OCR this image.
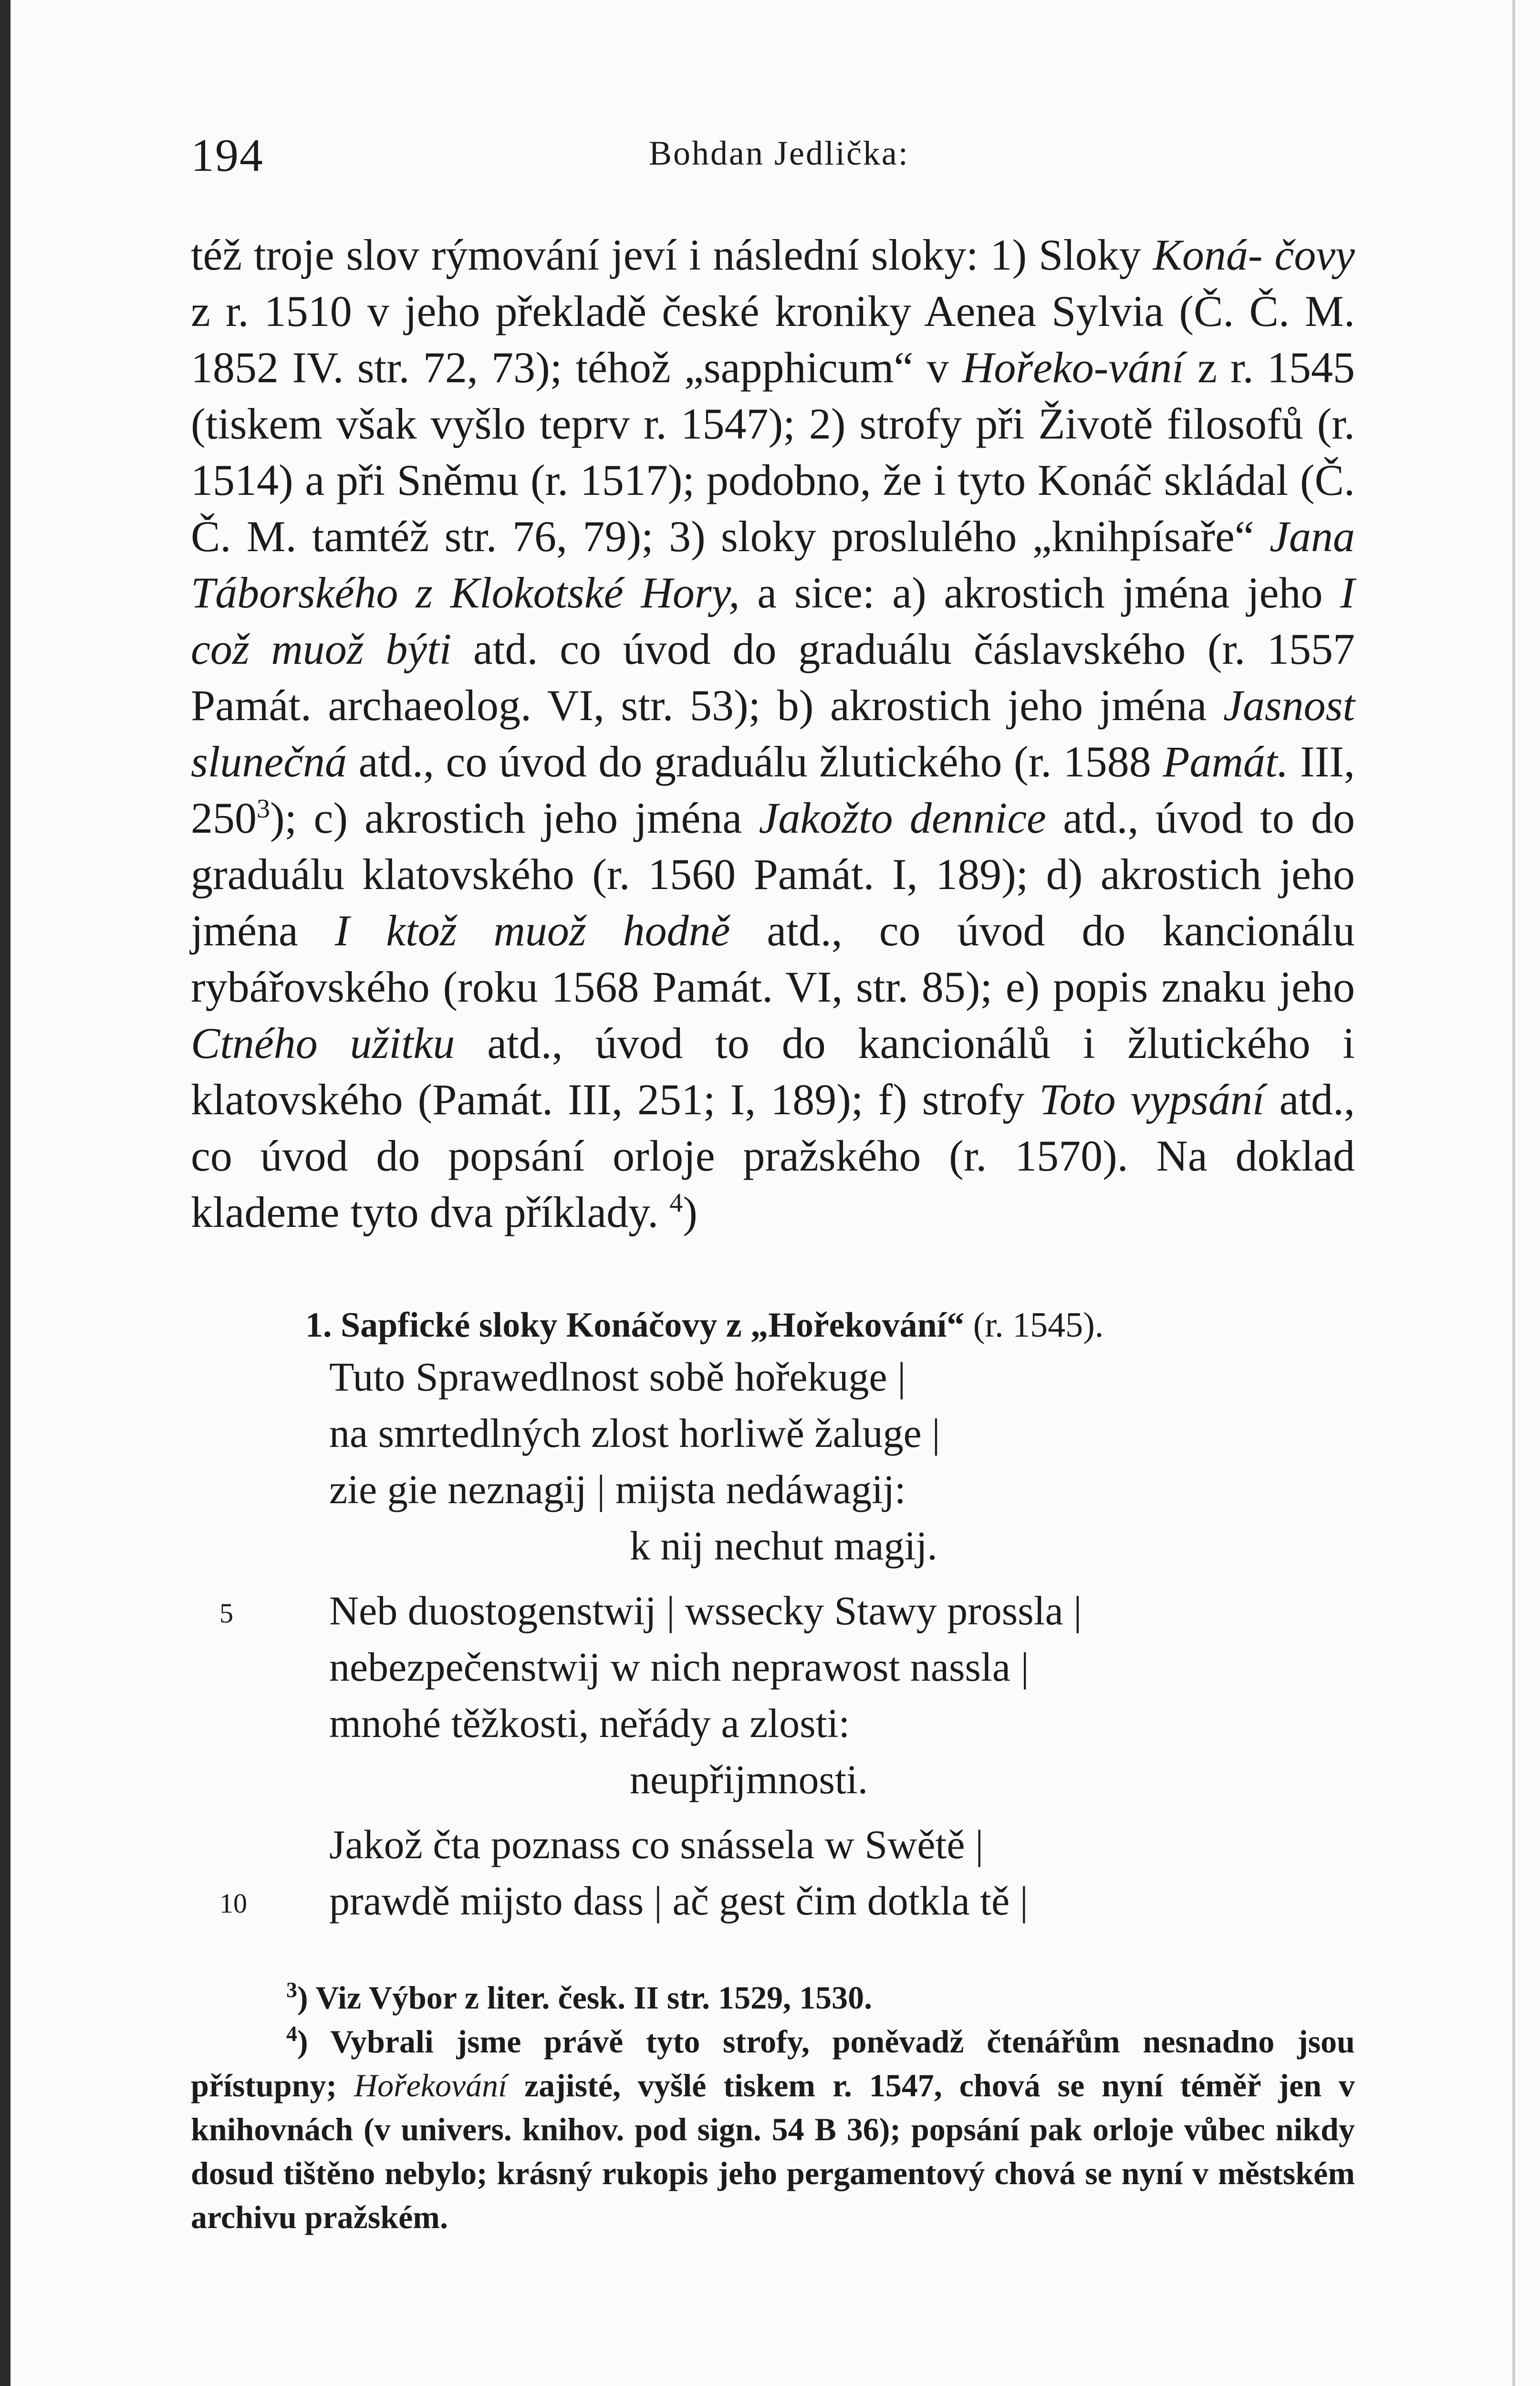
194	Bohdan Jedlička:

též troje slov rýmování jeví i následní sloky: 1) Sloky Koná- čovy z r. 1510 v jeho překladě české kroniky Aenea Sylvia (Č. Č. M. 1852 IV. str. 72, 73); téhož „sapphicum“ v Hořeko-vání z r. 1545 (tiskem však vyšlo teprv r. 1547); 2) strofy při Životě filosofů (r. 1514) a při Sněmu (r. 1517); podobno, že i tyto Konáč skládal (Č. Č. M. tamtéž str. 76, 79); 3) sloky proslulého „knihpísaře“ Jana Táborského z Klokotské Hory, a sice: a) akrostich jména jeho I což muož býti atd. co úvod do graduálu čáslavského (r. 1557 Památ. archaeolog. VI, str. 53); b) akrostich jeho jména Jasnost slunečná atd., co úvod do graduálu žlutického (r. 1588 Památ. III, $250^3$); c) akrostich jeho jména Jakožto dennice atd., úvod to do graduálu klatovského (r. 1560 Památ. I, 189); d) akrostich jeho jména I ktož muož hodně atd., co úvod do kancionálu rybářovského (roku 1568 Památ. VI, str. 85); e) popis znaku jeho Ctného užitku atd., úvod to do kancionálů i žlutického i klatovského (Památ. III, 251; I, 189); f) strofy Toto vypsání atd., co úvod do popsání orloje pražského (r. 1570). Na doklad klademe tyto dva příklady. $^4$)

1. Sapfické sloky Konáčovy z „Hořekování“ (r. 1545).
Tuto Sprawedlnost sobě hořekuge |
na smrtedlných zlost horliwě žaluge |
zie gie neznagij | mijsta nedáwagij:
k nij nechut magij.
5 Neb duostogenstwij | wssecky Stawy prossla |
nebezpečenstwij w nich neprawost nassla |
mnohé těžkosti, neřády a zlosti:
neupřijmnosti.
Jakož čta poznass co snássela w Swětě |
10 prawdě mijsto dass | ač gest čim dotkla tě |

$^3$) Viz Výbor z liter. česk. II str. 1529, 1530.

$^4$) Vybrali jsme právě tyto strofy, poněvadž čtenářům nesnadno jsou přístupny; Hořekování zajisté, vyšlé tiskem r. 1547, chová se nyní téměř jen v knihovnách (v univers. knihov. pod sign. 54 B 36); popsání pak orloje vůbec nikdy dosud tištěno nebylo; krásný rukopis jeho pergamentový chová se nyní v městském archivu pražském.
